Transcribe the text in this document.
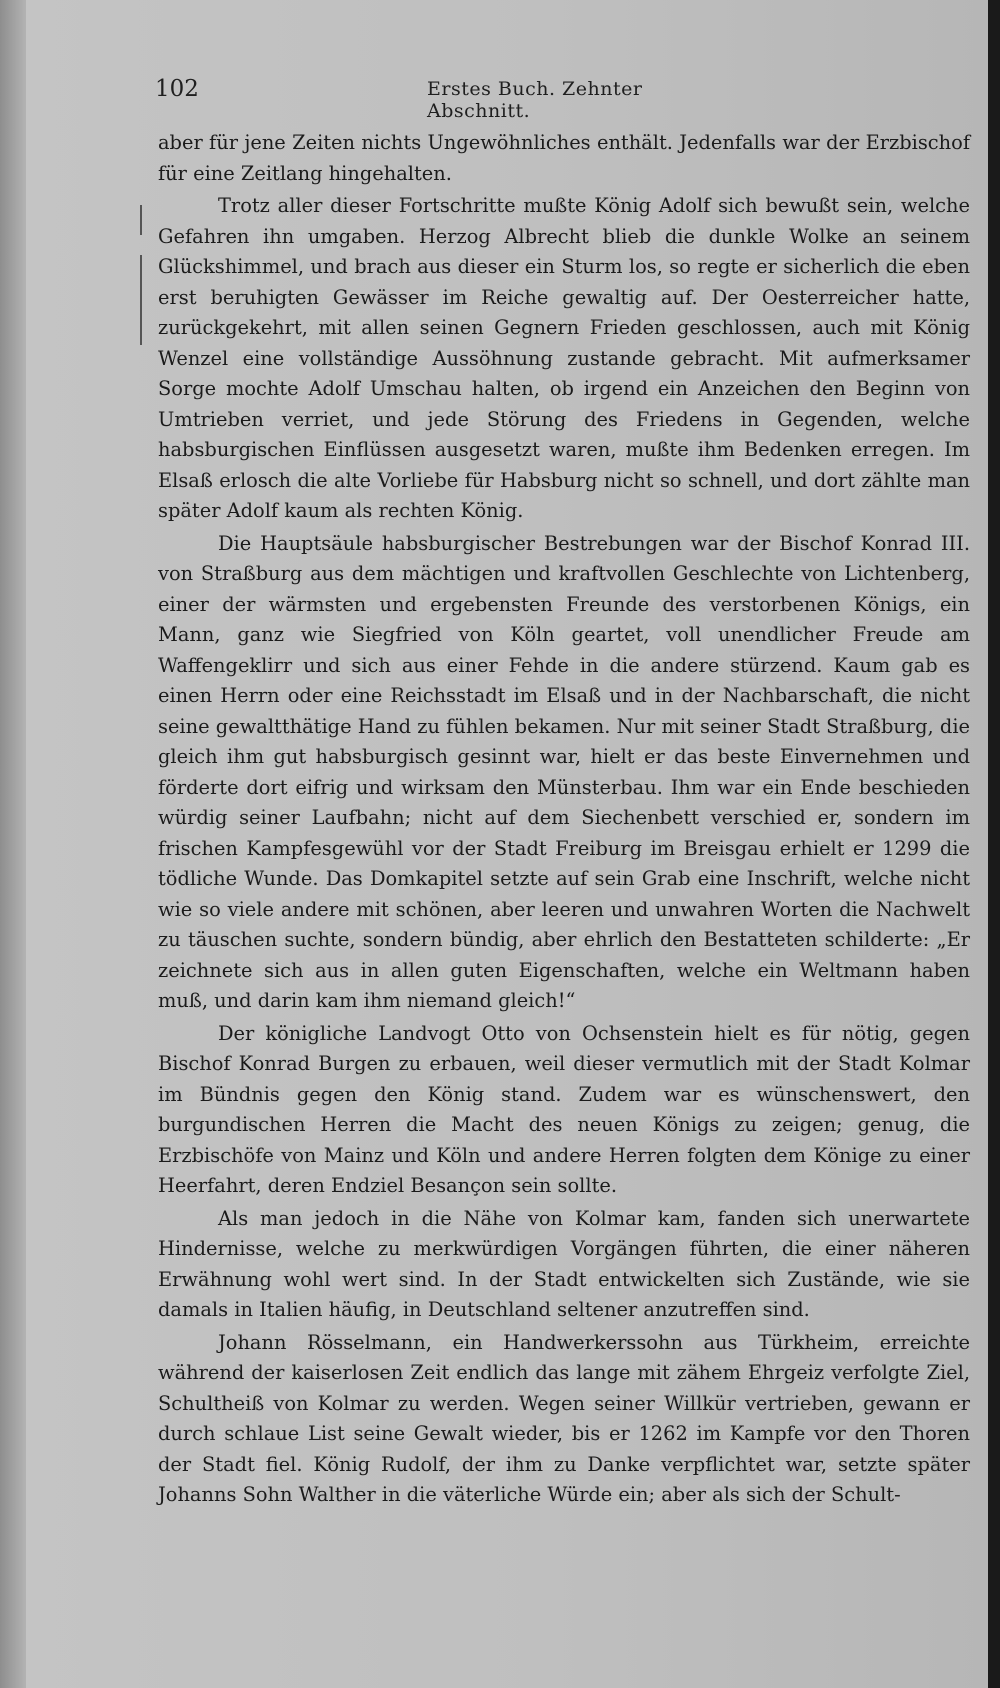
102	Erstes Buch. Zehnter Abschnitt.

aber für jene Zeiten nichts Ungewöhnliches enthält. Jedenfalls war der Erzbischof für eine Zeitlang hingehalten.

Trotz aller dieser Fortschritte mußte König Adolf sich bewußt sein, welche Gefahren ihn umgaben. Herzog Albrecht blieb die dunkle Wolke an seinem Glückshimmel, und brach aus dieser ein Sturm los, so regte er sicherlich die eben erst beruhigten Gewässer im Reiche gewaltig auf. Der Oesterreicher hatte, zurückgekehrt, mit allen seinen Gegnern Frieden geschlossen, auch mit König Wenzel eine vollständige Aussöhnung zustande gebracht. Mit aufmerksamer Sorge mochte Adolf Umschau halten, ob irgend ein Anzeichen den Beginn von Umtrieben verriet, und jede Störung des Friedens in Gegenden, welche habsburgischen Einflüssen ausgesetzt waren, mußte ihm Bedenken erregen. Im Elsaß erlosch die alte Vorliebe für Habsburg nicht so schnell, und dort zählte man später Adolf kaum als rechten König.

Die Hauptsäule habsburgischer Bestrebungen war der Bischof Konrad III. von Straßburg aus dem mächtigen und kraftvollen Geschlechte von Lichtenberg, einer der wärmsten und ergebensten Freunde des verstorbenen Königs, ein Mann, ganz wie Siegfried von Köln geartet, voll unendlicher Freude am Waffengeklirr und sich aus einer Fehde in die andere stürzend. Kaum gab es einen Herrn oder eine Reichsstadt im Elsaß und in der Nachbarschaft, die nicht seine gewaltthätige Hand zu fühlen bekamen. Nur mit seiner Stadt Straßburg, die gleich ihm gut habsburgisch gesinnt war, hielt er das beste Einvernehmen und förderte dort eifrig und wirksam den Münsterbau. Ihm war ein Ende beschieden würdig seiner Laufbahn; nicht auf dem Siechenbett verschied er, sondern im frischen Kampfesgewühl vor der Stadt Freiburg im Breisgau erhielt er 1299 die tödliche Wunde. Das Domkapitel setzte auf sein Grab eine Inschrift, welche nicht wie so viele andere mit schönen, aber leeren und unwahren Worten die Nachwelt zu täuschen suchte, sondern bündig, aber ehrlich den Bestatteten schilderte: „Er zeichnete sich aus in allen guten Eigenschaften, welche ein Weltmann haben muß, und darin kam ihm niemand gleich!“

Der königliche Landvogt Otto von Ochsenstein hielt es für nötig, gegen Bischof Konrad Burgen zu erbauen, weil dieser vermutlich mit der Stadt Kolmar im Bündnis gegen den König stand. Zudem war es wünschenswert, den burgundischen Herren die Macht des neuen Königs zu zeigen; genug, die Erzbischöfe von Mainz und Köln und andere Herren folgten dem Könige zu einer Heerfahrt, deren Endziel Besançon sein sollte.

Als man jedoch in die Nähe von Kolmar kam, fanden sich unerwartete Hindernisse, welche zu merkwürdigen Vorgängen führten, die einer näheren Erwähnung wohl wert sind. In der Stadt entwickelten sich Zustände, wie sie damals in Italien häufig, in Deutschland seltener anzutreffen sind.

Johann Rösselmann, ein Handwerkerssohn aus Türkheim, erreichte während der kaiserlosen Zeit endlich das lange mit zähem Ehrgeiz verfolgte Ziel, Schultheiß von Kolmar zu werden. Wegen seiner Willkür vertrieben, gewann er durch schlaue List seine Gewalt wieder, bis er 1262 im Kampfe vor den Thoren der Stadt fiel. König Rudolf, der ihm zu Danke verpflichtet war, setzte später Johanns Sohn Walther in die väterliche Würde ein; aber als sich der Schult-
